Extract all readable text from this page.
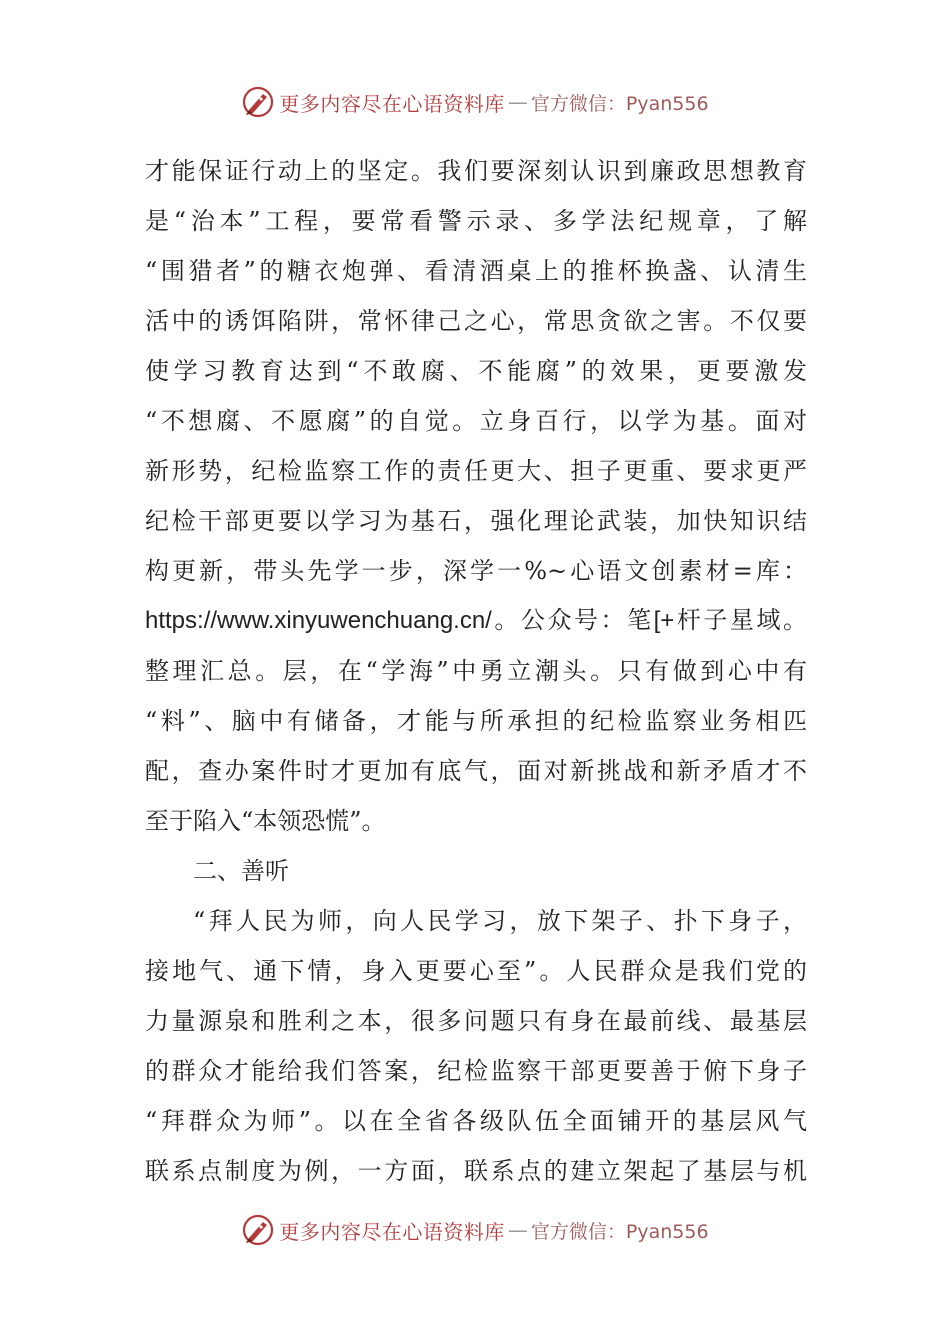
更多内容尽在心语资料库 — 官方微信：Pyan556
才能保证行动上的坚定。我们要深刻认识到廉政思想教育
是“治本”工程，要常看警示录、多学法纪规章，了解
“围猎者”的糖衣炮弹、看清酒桌上的推杯换盏、认清生
活中的诱饵陷阱，常怀律己之心，常思贪欲之害。不仅要
使学习教育达到“不敢腐、不能腐”的效果，更要激发
“不想腐、不愿腐”的自觉。立身百行，以学为基。面对
新形势，纪检监察工作的责任更大、担子更重、要求更严
纪检干部更要以学习为基石，强化理论武装，加快知识结
构更新，带头先学一步，深学一%~心语文创素材=库：
https://www.xinyuwenchuang.cn/。公众号：笔[+杆子星域。
整理汇总。层，在“学海”中勇立潮头。只有做到心中有
“料”、脑中有储备，才能与所承担的纪检监察业务相匹
配，查办案件时才更加有底气，面对新挑战和新矛盾才不
至于陷入“本领恐慌”。
二、善听
“拜人民为师，向人民学习，放下架子、扑下身子，
接地气、通下情，身入更要心至”。人民群众是我们党的
力量源泉和胜利之本，很多问题只有身在最前线、最基层
的群众才能给我们答案，纪检监察干部更要善于俯下身子
“拜群众为师”。以在全省各级队伍全面铺开的基层风气
联系点制度为例，一方面，联系点的建立架起了基层与机
更多内容尽在心语资料库 — 官方微信：Pyan556
